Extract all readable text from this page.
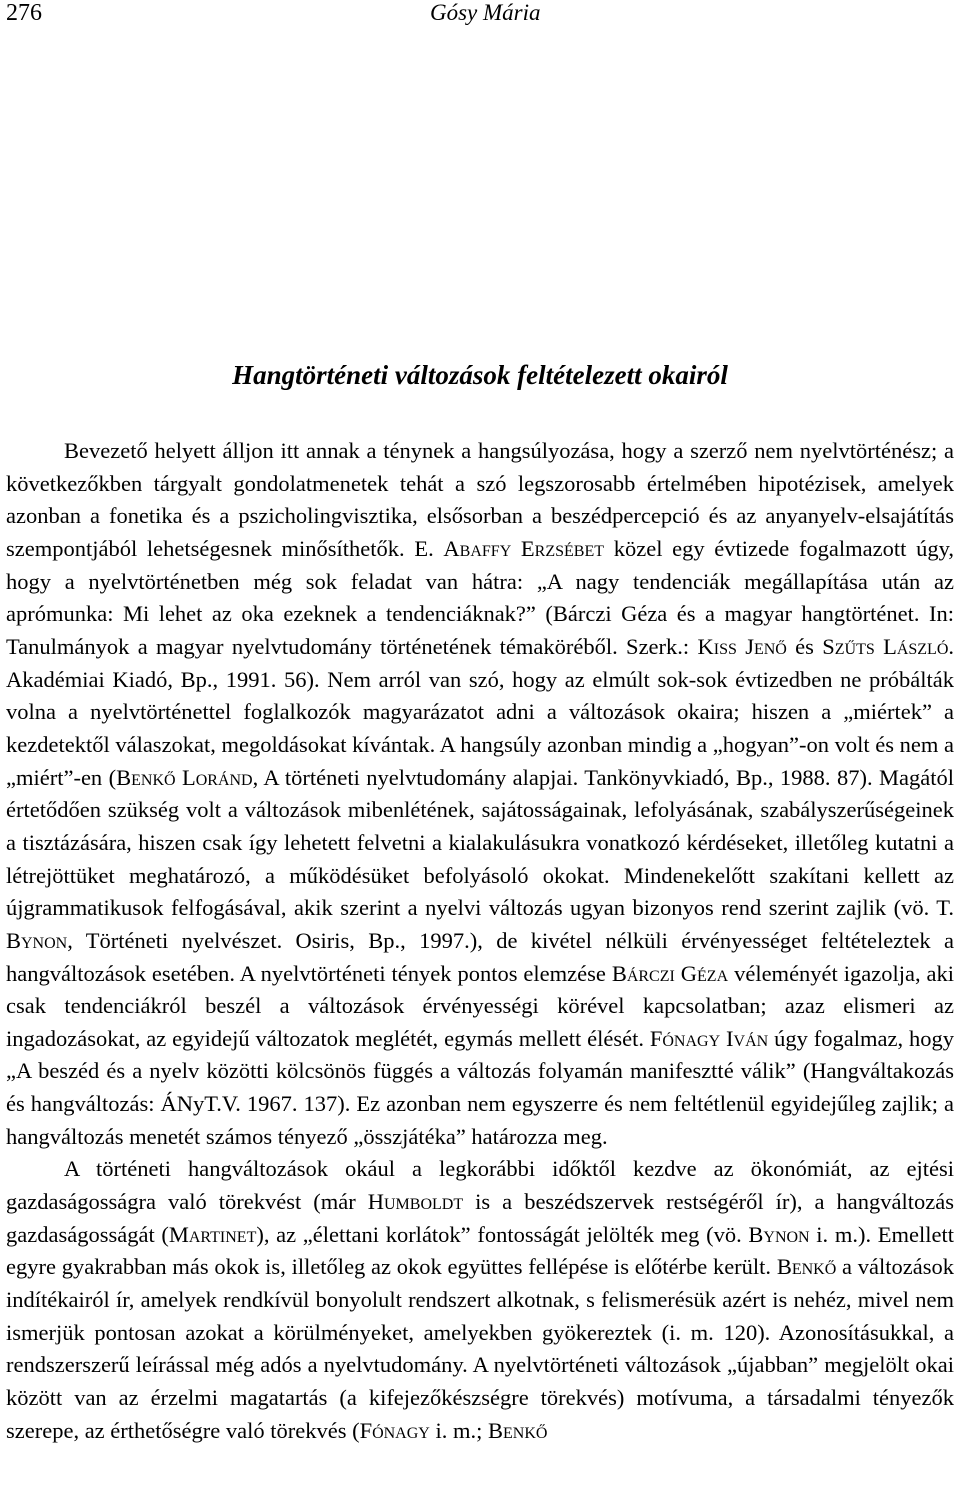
276	Gósy Mária
Hangtörténeti változások feltételezett okairól

Bevezető helyett álljon itt annak a ténynek a hangsúlyozása, hogy a szerző nem nyelvtörténész; a következőkben tárgyalt gondolatmenetek tehát a szó legszorosabb értelmében hipotézisek, amelyek azonban a fonetika és a pszicholingvisztika, elsősorban a beszédpercepció és az anyanyelv-elsajátítás szempontjából lehetségesnek minősíthetők. E. Abaffy Erzsébet közel egy évtizede fogalmazott úgy, hogy a nyelvtörténetben még sok feladat van hátra: „A nagy tendenciák megállapítása után az aprómunka: Mi lehet az oka ezeknek a tendenciáknak?” (Bárczi Géza és a magyar hangtörténet. In: Tanulmányok a magyar nyelvtudomány történetének témaköréből. Szerk.: Kiss Jenő és Szűts László. Akadémiai Kiadó, Bp., 1991. 56). Nem arról van szó, hogy az elmúlt sok-sok évtizedben ne próbálták volna a nyelvtörténettel foglalkozók magyarázatot adni a változások okaira; hiszen a „miértek” a kezdetektől válaszokat, megoldásokat kívántak. A hangsúly azonban mindig a „hogyan”-on volt és nem a „miért”-en (Benkő Loránd, A történeti nyelvtudomány alapjai. Tankönyvkiadó, Bp., 1988. 87). Magától értetődően szükség volt a változások mibenlétének, sajátosságainak, lefolyásának, szabályszerűségeinek a tisztázására, hiszen csak így lehetett felvetni a kialakulásukra vonatkozó kérdéseket, illetőleg kutatni a létrejöttüket meghatározó, a működésüket befolyásoló okokat. Mindenekelőtt szakítani kellett az újgrammatikusok felfogásával, akik szerint a nyelvi változás ugyan bizonyos rend szerint zajlik (vö. T. Bynon, Történeti nyelvészet. Osiris, Bp., 1997.), de kivétel nélküli érvényességet feltételeztek a hangváltozások esetében. A nyelvtörténeti tények pontos elemzése Bárczi Géza véleményét igazolja, aki csak tendenciákról beszél a változások érvényességi körével kapcsolatban; azaz elismeri az ingadozásokat, az egyidejű változatok meglétét, egymás mellett élését. Fónagy Iván úgy fogalmaz, hogy „A beszéd és a nyelv közötti kölcsönös függés a változás folyamán manifesztté válik” (Hangváltakozás és hangváltozás: ÁNyT.V. 1967. 137). Ez azonban nem egyszerre és nem feltétlenül egyidejűleg zajlik; a hangváltozás menetét számos tényező „összjátéka” határozza meg.

A történeti hangváltozások okául a legkorábbi időktől kezdve az ökonómiát, az ejtési gazdaságosságra való törekvést (már Humboldt is a beszédszervek restségéről ír), a hangváltozás gazdaságosságát (Martinet), az „élettani korlátok” fontosságát jelölték meg (vö. Bynon i. m.). Emellett egyre gyakrabban más okok is, illetőleg az okok együttes fellépése is előtérbe került. Benkő a változások indítékairól ír, amelyek rendkívül bonyolult rendszert alkotnak, s felismerésük azért is nehéz, mivel nem ismerjük pontosan azokat a körülményeket, amelyekben gyökereztek (i. m. 120). Azonosításukkal, a rendszerszerű leírással még adós a nyelvtudomány. A nyelvtörténeti változások „újabban” megjelölt okai között van az érzelmi magatartás (a kifejezőkészségre törekvés) motívuma, a társadalmi tényezők szerepe, az érthetőségre való törekvés (Fónagy i. m.; Benkő
